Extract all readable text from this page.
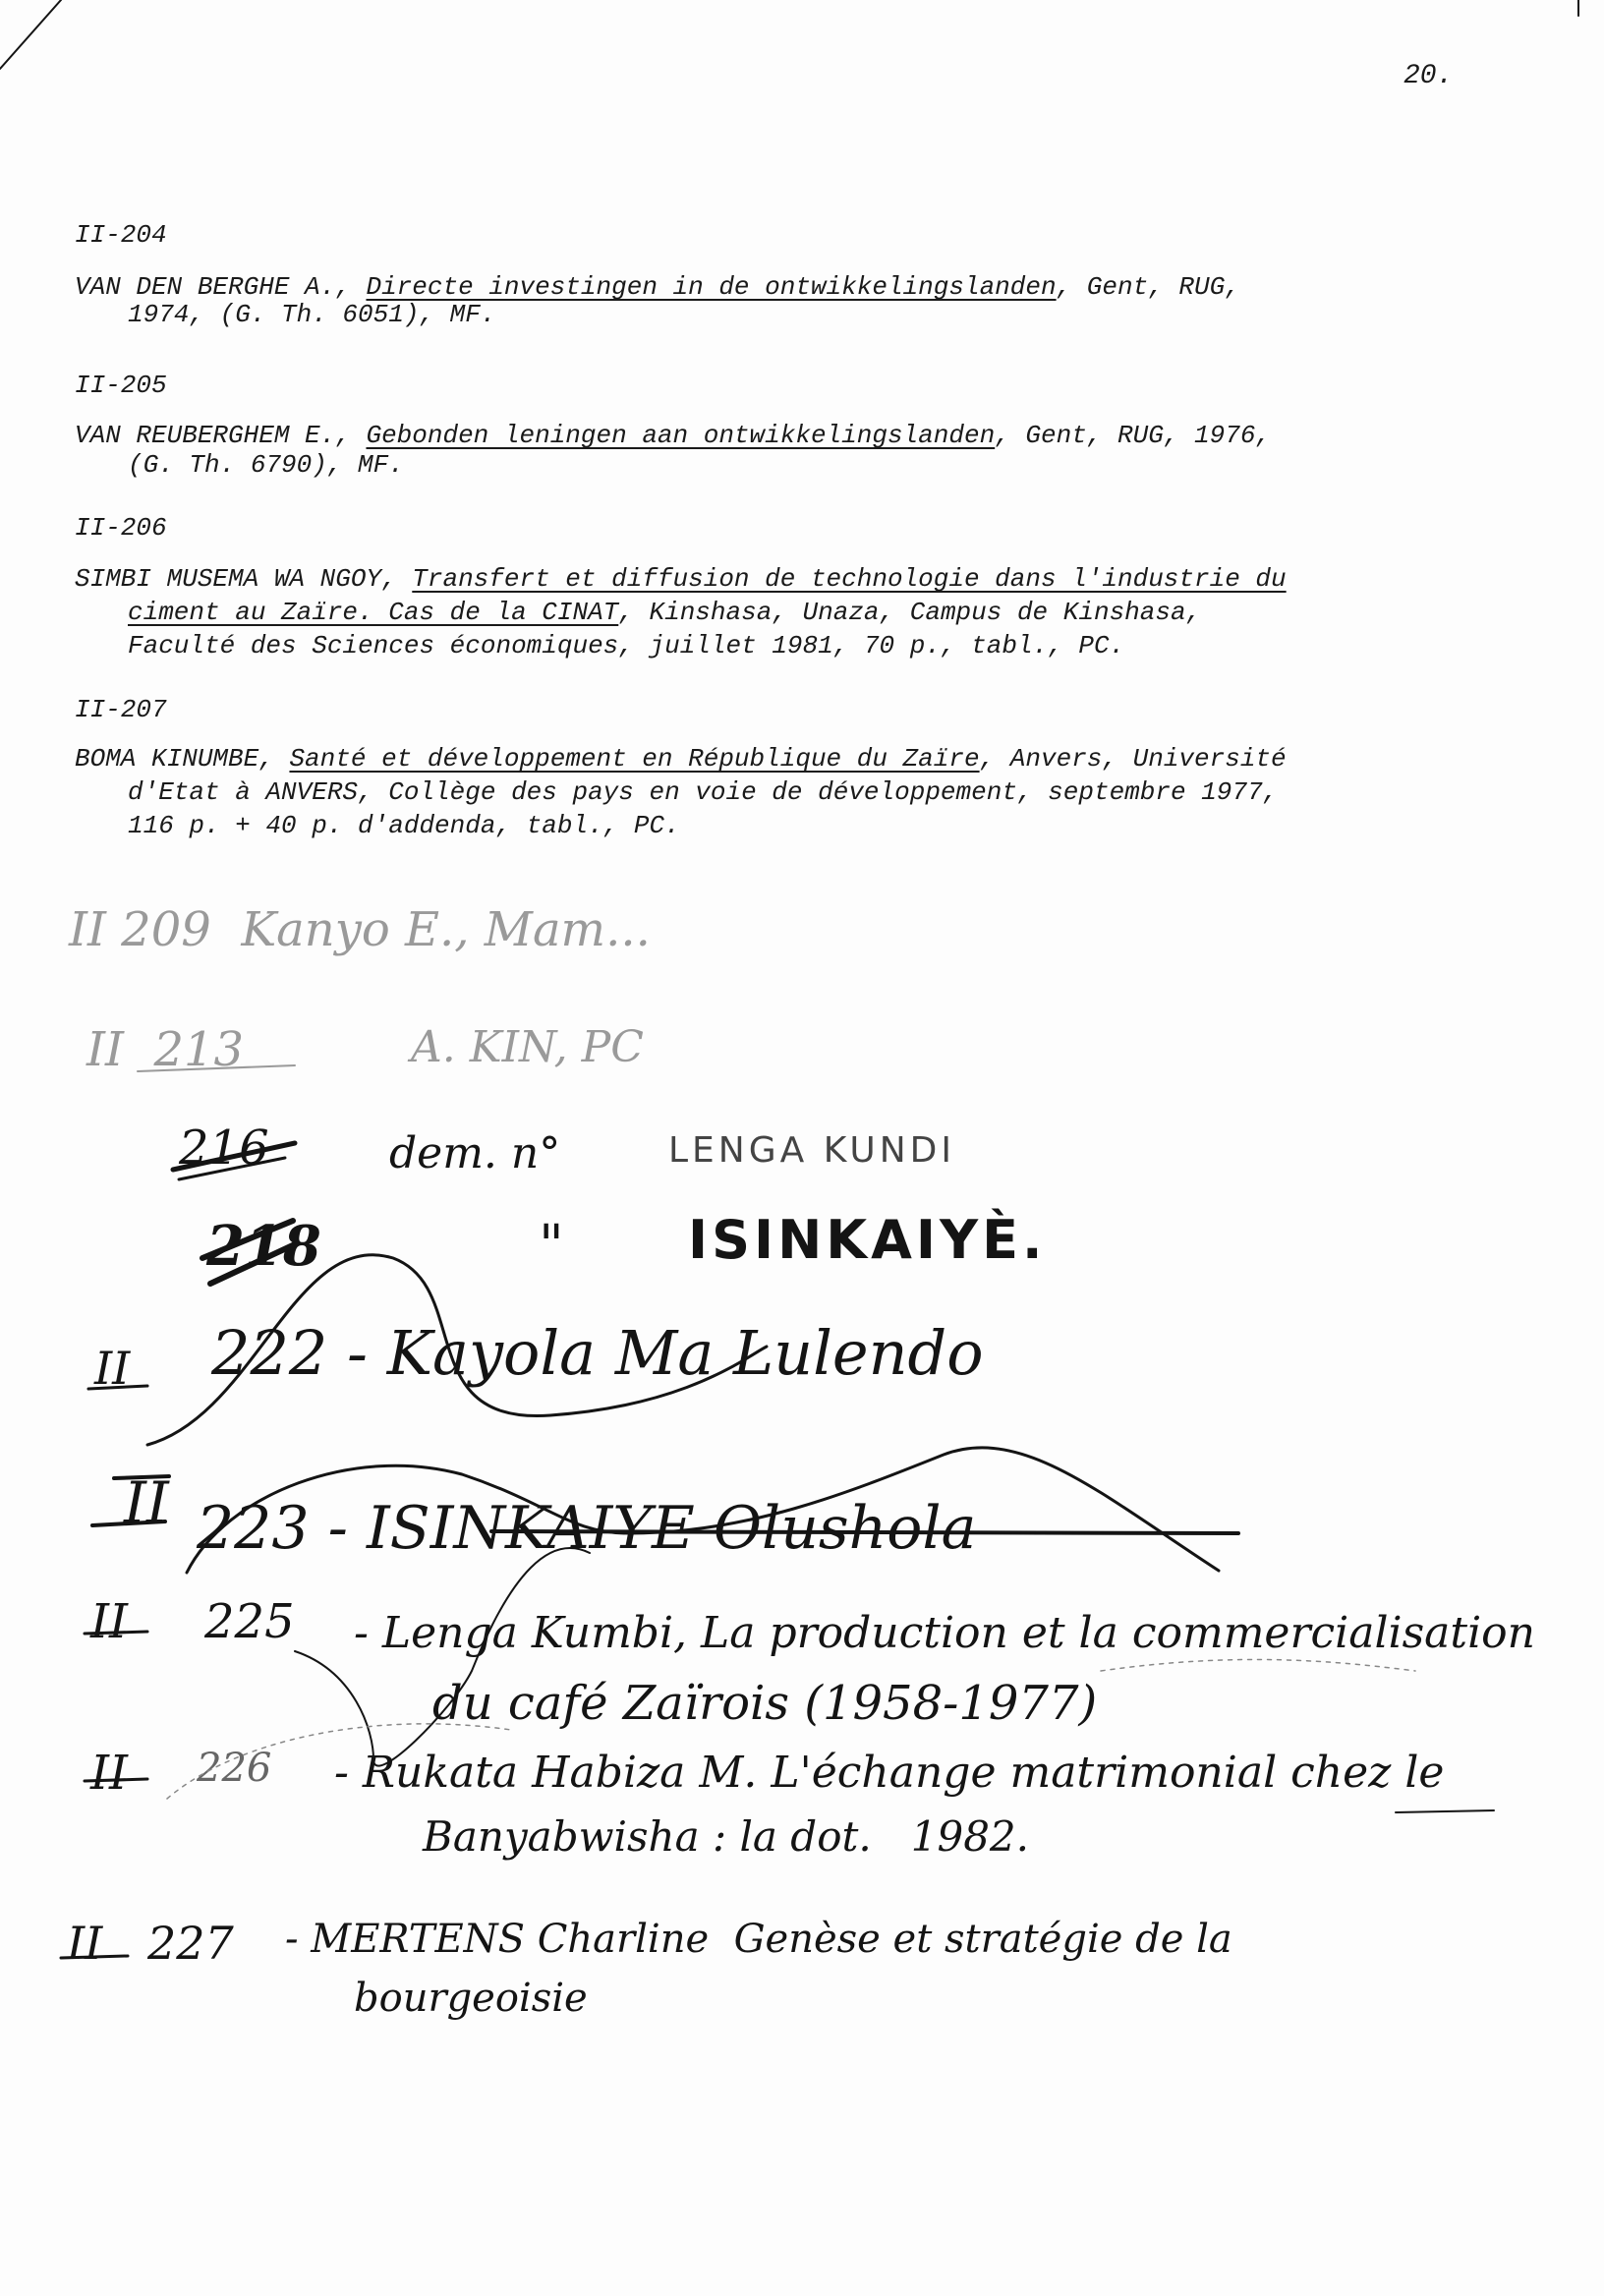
20.
II-204
VAN DEN BERGHE A., Directe investingen in de ontwikkelingslanden, Gent, RUG,
1974, (G. Th. 6051), MF.
II-205
VAN REUBERGHEM E., Gebonden leningen aan ontwikkelingslanden, Gent, RUG, 1976,
(G. Th. 6790), MF.
II-206
SIMBI MUSEMA WA NGOY, Transfert et diffusion de technologie dans l'industrie du
ciment au Zaïre. Cas de la CINAT, Kinshasa, Unaza, Campus de Kinshasa,
Faculté des Sciences économiques, juillet 1981, 70 p., tabl., PC.
II-207
BOMA KINUMBE, Santé et développement en République du Zaïre, Anvers, Université
d'Etat à ANVERS, Collège des pays en voie de développement, septembre 1977,
116 p. + 40 p. d'addenda, tabl., PC.
II 209  Kanyo E., Mam...
II  213	A. KIN, PC
216	dem. n°	LENGA KUNDI
218	" ISINKAIYÈ.
II 222 - Kayola Ma Lulendo
II 223 - ISINKAIYE Olushola
II 225 - Lenga Kumbi, La production et la commercialisation
du café Zaïrois (1958-1977)
II 226 - Rukata Habiza M. L'échange matrimonial chez le
Banyabwisha : la dot.   1982.
II 227 - MERTENS Charline  Genèse et stratégie de la
bourgeoisie
